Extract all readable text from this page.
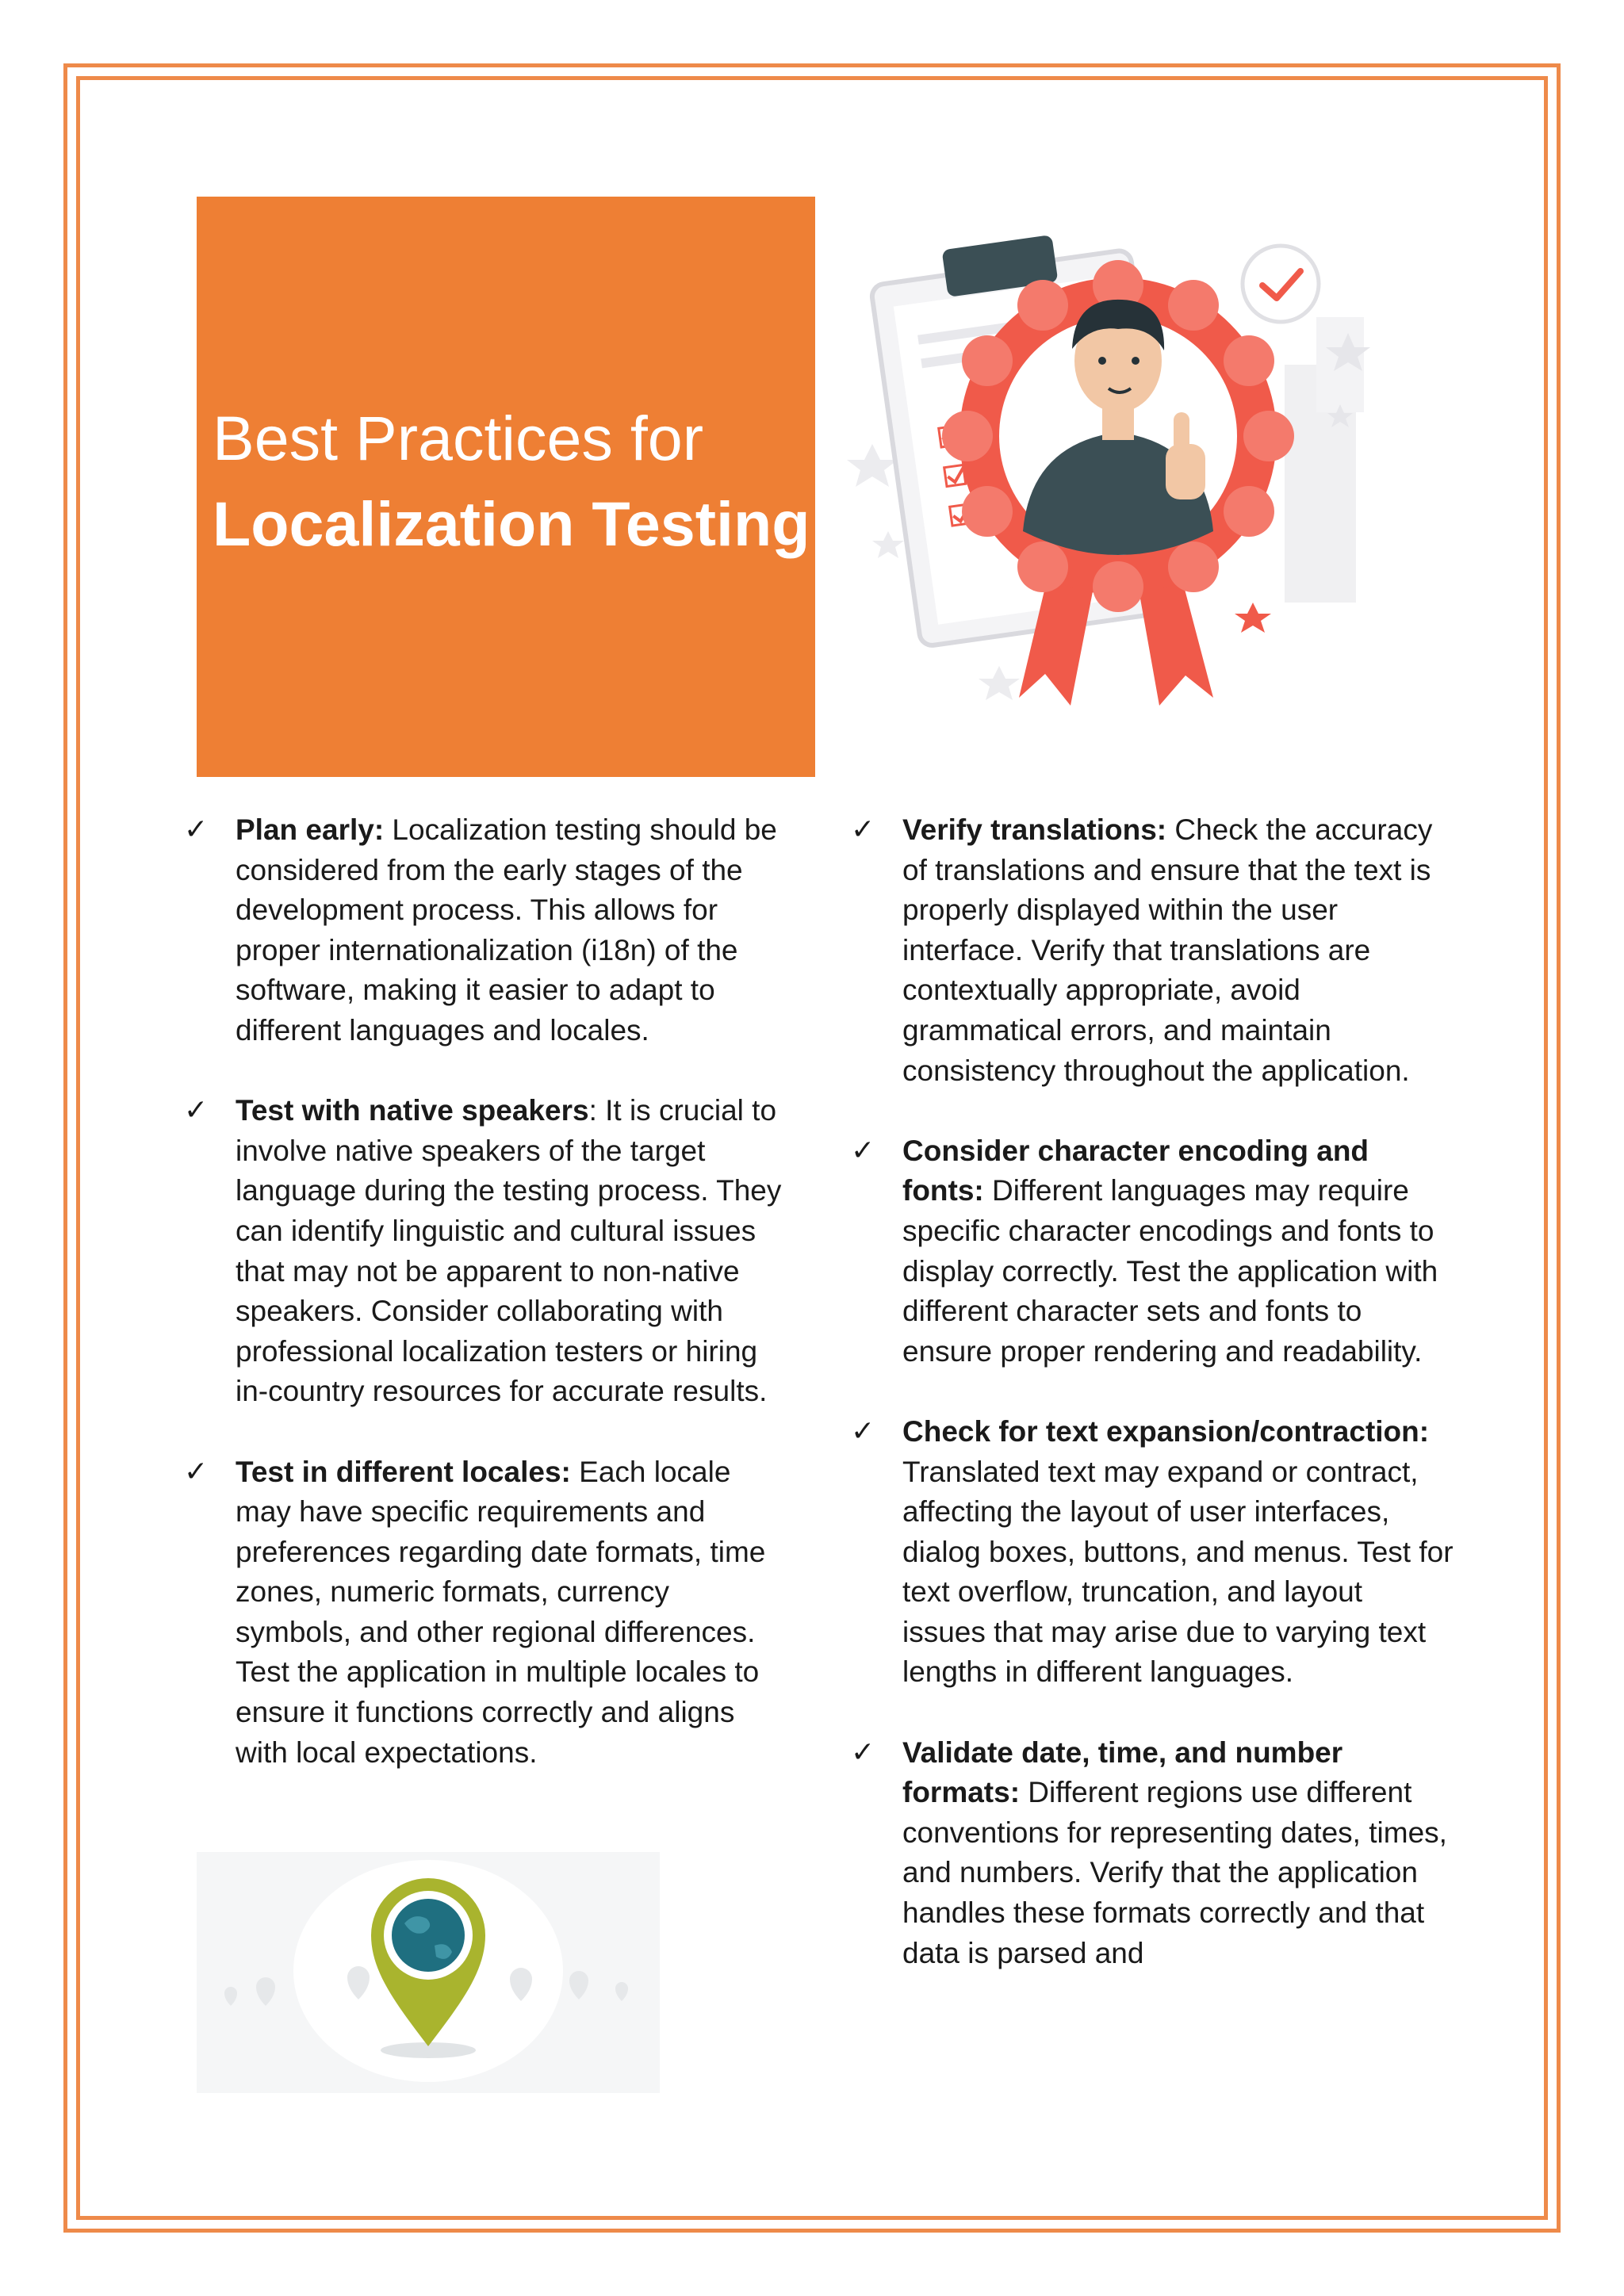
Best Practices for
Localization Testing
✓ Plan early: Localization testing should be considered from the early stages of the development process. This allows for proper internationalization (i18n) of the software, making it easier to adapt to different languages and locales.
✓ Test with native speakers: It is crucial to involve native speakers of the target language during the testing process. They can identify linguistic and cultural issues that may not be apparent to non-native speakers. Consider collaborating with professional localization testers or hiring in-country resources for accurate results.
✓ Test in different locales: Each locale may have specific requirements and preferences regarding date formats, time zones, numeric formats, currency symbols, and other regional differences. Test the application in multiple locales to ensure it functions correctly and aligns with local expectations.
✓ Verify translations: Check the accuracy of translations and ensure that the text is properly displayed within the user interface. Verify that translations are contextually appropriate, avoid grammatical errors, and maintain consistency throughout the application.
✓ Consider character encoding and fonts: Different languages may require specific character encodings and fonts to display correctly. Test the application with different character sets and fonts to ensure proper rendering and readability.
✓ Check for text expansion/contraction: Translated text may expand or contract, affecting the layout of user interfaces, dialog boxes, buttons, and menus. Test for text overflow, truncation, and layout issues that may arise due to varying text lengths in different languages.
✓ Validate date, time, and number formats: Different regions use different conventions for representing dates, times, and numbers. Verify that the application handles these formats correctly and that data is parsed and
